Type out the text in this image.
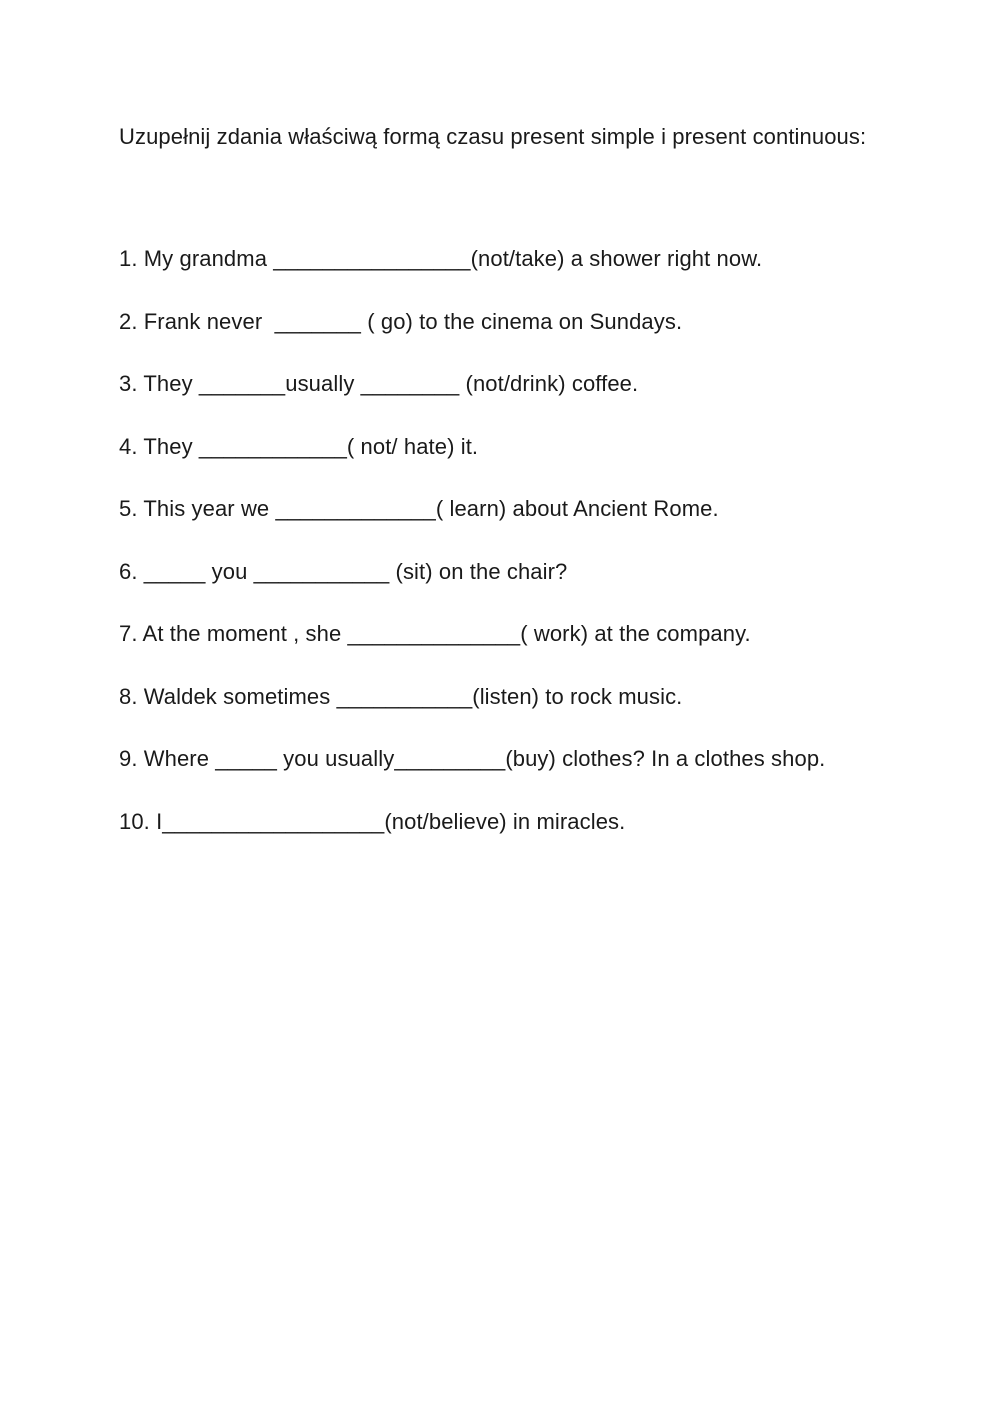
Uzupełnij zdania właściwą formą czasu present simple i present continuous:

1. My grandma ________________(not/take) a shower right now.
2. Frank never  _______ ( go) to the cinema on Sundays.
3. They _______usually ________ (not/drink) coffee.
4. They ____________( not/ hate) it.
5. This year we _____________( learn) about Ancient Rome.
6. _____ you ___________ (sit) on the chair?
7. At the moment , she ______________( work) at the company.
8. Waldek sometimes ___________(listen) to rock music.
9. Where _____ you usually_________(buy) clothes? In a clothes shop.
10. I__________________(not/believe) in miracles.
